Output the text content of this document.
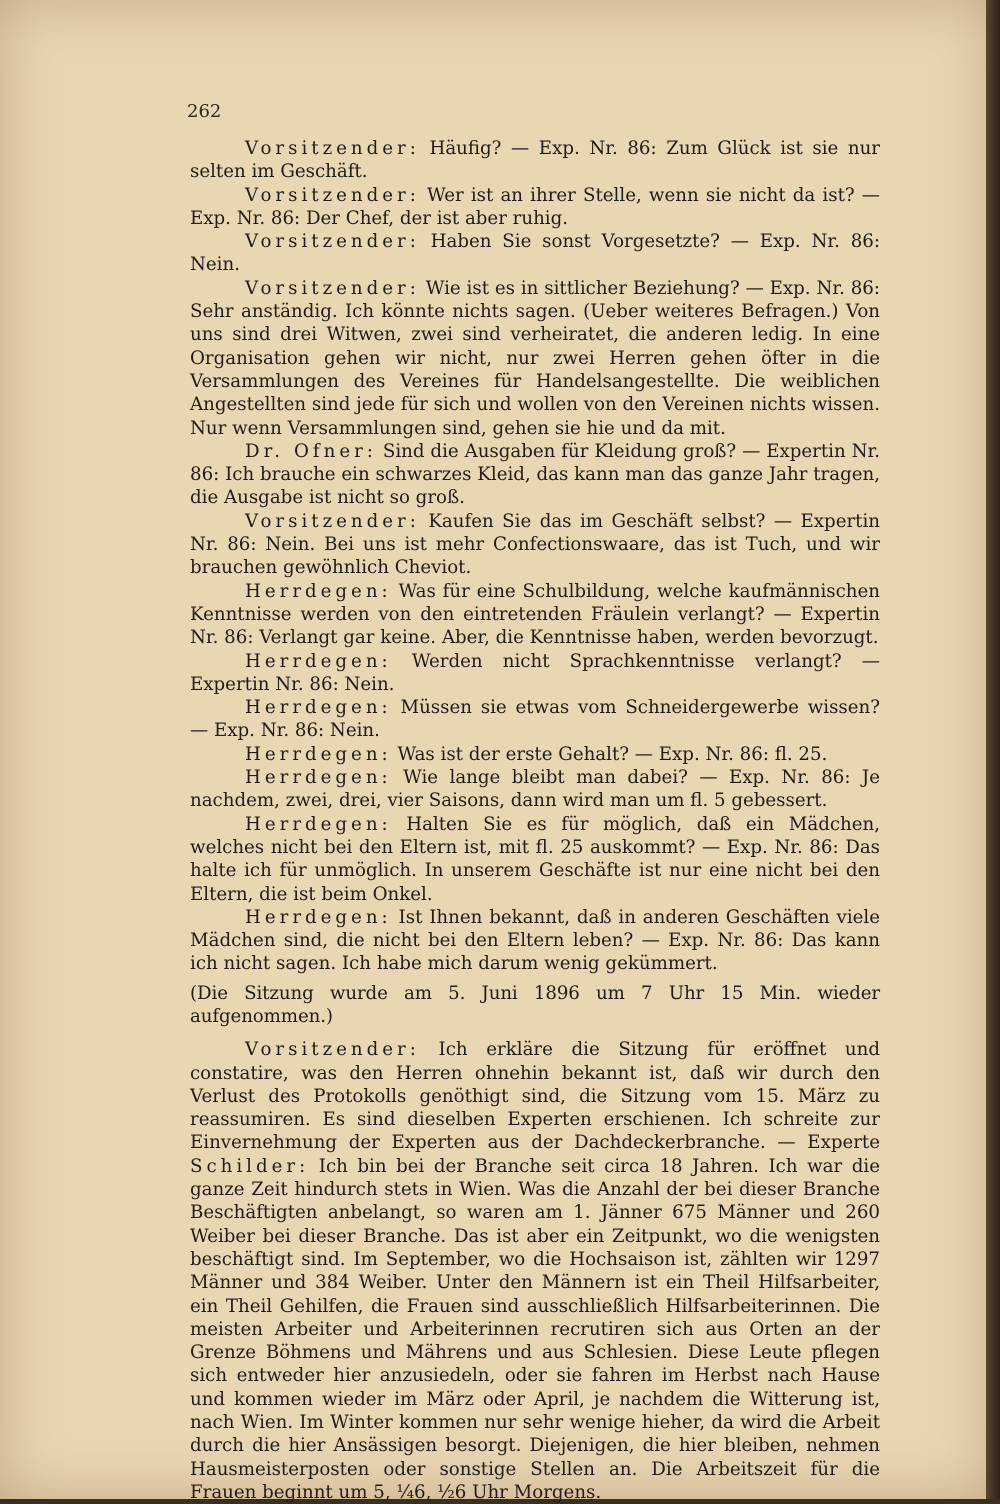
262

Vorsitzender: Häufig? — Exp. Nr. 86: Zum Glück ist sie nur selten im Geschäft.

Vorsitzender: Wer ist an ihrer Stelle, wenn sie nicht da ist? — Exp. Nr. 86: Der Chef, der ist aber ruhig.

Vorsitzender: Haben Sie sonst Vorgesetzte? — Exp. Nr. 86: Nein.

Vorsitzender: Wie ist es in sittlicher Beziehung? — Exp. Nr. 86: Sehr anständig. Ich könnte nichts sagen. (Ueber weiteres Befragen.) Von uns sind drei Witwen, zwei sind verheiratet, die anderen ledig. In eine Organisation gehen wir nicht, nur zwei Herren gehen öfter in die Versammlungen des Vereines für Handelsangestellte. Die weiblichen Angestellten sind jede für sich und wollen von den Vereinen nichts wissen. Nur wenn Versammlungen sind, gehen sie hie und da mit.

Dr. Ofner: Sind die Ausgaben für Kleidung groß? — Expertin Nr. 86: Ich brauche ein schwarzes Kleid, das kann man das ganze Jahr tragen, die Ausgabe ist nicht so groß.

Vorsitzender: Kaufen Sie das im Geschäft selbst? — Expertin Nr. 86: Nein. Bei uns ist mehr Confectionswaare, das ist Tuch, und wir brauchen gewöhnlich Cheviot.

Herrdegen: Was für eine Schulbildung, welche kaufmännischen Kenntnisse werden von den eintretenden Fräulein verlangt? — Expertin Nr. 86: Verlangt gar keine. Aber, die Kenntnisse haben, werden bevorzugt.

Herrdegen: Werden nicht Sprachkenntnisse verlangt? — Expertin Nr. 86: Nein.

Herrdegen: Müssen sie etwas vom Schneidergewerbe wissen? — Exp. Nr. 86: Nein.

Herrdegen: Was ist der erste Gehalt? — Exp. Nr. 86: fl. 25.

Herrdegen: Wie lange bleibt man dabei? — Exp. Nr. 86: Je nachdem, zwei, drei, vier Saisons, dann wird man um fl. 5 gebessert.

Herrdegen: Halten Sie es für möglich, daß ein Mädchen, welches nicht bei den Eltern ist, mit fl. 25 auskommt? — Exp. Nr. 86: Das halte ich für unmöglich. In unserem Geschäfte ist nur eine nicht bei den Eltern, die ist beim Onkel.

Herrdegen: Ist Ihnen bekannt, daß in anderen Geschäften viele Mädchen sind, die nicht bei den Eltern leben? — Exp. Nr. 86: Das kann ich nicht sagen. Ich habe mich darum wenig gekümmert.

(Die Sitzung wurde am 5. Juni 1896 um 7 Uhr 15 Min. wieder aufgenommen.)

Vorsitzender: Ich erkläre die Sitzung für eröffnet und constatire, was den Herren ohnehin bekannt ist, daß wir durch den Verlust des Protokolls genöthigt sind, die Sitzung vom 15. März zu reassumiren. Es sind dieselben Experten erschienen. Ich schreite zur Einvernehmung der Experten aus der Dachdeckerbranche. — Experte Schilder: Ich bin bei der Branche seit circa 18 Jahren. Ich war die ganze Zeit hindurch stets in Wien. Was die Anzahl der bei dieser Branche Beschäftigten anbelangt, so waren am 1. Jänner 675 Männer und 260 Weiber bei dieser Branche. Das ist aber ein Zeitpunkt, wo die wenigsten beschäftigt sind. Im September, wo die Hochsaison ist, zählten wir 1297 Männer und 384 Weiber. Unter den Männern ist ein Theil Hilfsarbeiter, ein Theil Gehilfen, die Frauen sind ausschließlich Hilfsarbeiterinnen. Die meisten Arbeiter und Arbeiterinnen recrutiren sich aus Orten an der Grenze Böhmens und Mährens und aus Schlesien. Diese Leute pflegen sich entweder hier anzusiedeln, oder sie fahren im Herbst nach Hause und kommen wieder im März oder April, je nachdem die Witterung ist, nach Wien. Im Winter kommen nur sehr wenige hieher, da wird die Arbeit durch die hier Ansässigen besorgt. Diejenigen, die hier bleiben, nehmen Hausmeisterposten oder sonstige Stellen an. Die Arbeitszeit für die Frauen beginnt um 5, ¼6, ½6 Uhr Morgens.
